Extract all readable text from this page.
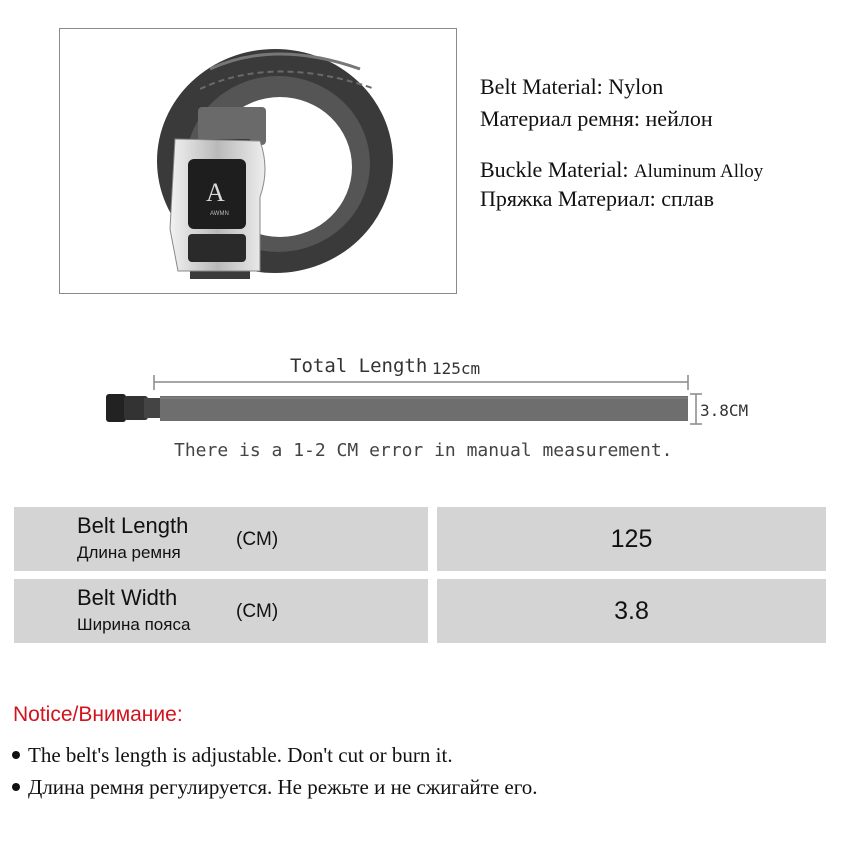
A
AWMN
Belt Material: Nylon
Материал ремня: нейлон
Buckle Material: Aluminum Alloy
Пряжка Материал: сплав
Total Length 125cm
3.8CM
There is a 1-2 CM error in manual measurement.
Belt Length
Длина ремня
(CM)	125
Belt Width
Ширина пояса
(CM)	3.8
Notice/Внимание:
The belt's length is adjustable. Don't cut or burn it.
Длина ремня регулируется. Не режьте и не сжигайте его.
